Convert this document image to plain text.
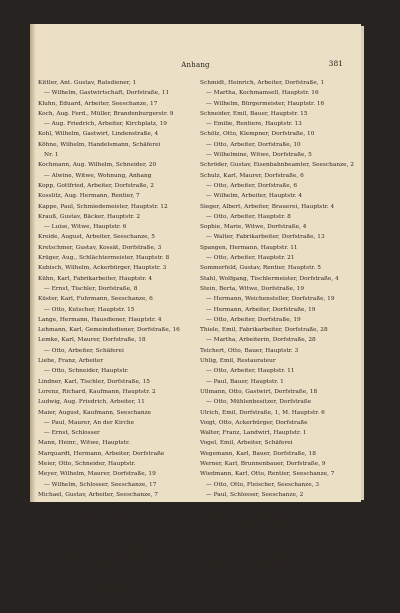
Anhang	381
Kittler, Ant. Gustav, Ratsdiener, 1
— Wilhelm, Gastwirtschaft, Dorfstraße, 11
Kluhn, Eduard, Arbeiter, Seeschanze, 17
Koch, Aug. Ferd., Müller, Brandenburgerstr. 9
— Aug. Friedrich, Arbeiter, Kirchplatz, 19
Kohl, Wilhelm, Gastwirt, Lindenstraße, 4
Köhne, Wilhelm, Handelsmann, Schäferei
Nr. 1
Kochmann, Aug. Wilhelm, Schneider, 20
— Alwine, Witwe, Wohnung, Anhang
Kopp, Gottfried, Arbeiter, Dorfstraße, 2
Kosslitz, Aug. Hermann, Rentier, 7
Kappe, Paul, Schmiedemeister, Hauptstr. 12
Krauß, Gustav, Bäcker, Hauptstr. 2
— Luise, Witwe, Hauptstr. 6
Kreide, August, Arbeiter, Seeschanze, 5
Kretschmer, Gustav, Kossät, Dorfstraße, 3
Krüger, Aug., Schlächtermeister, Hauptstr. 8
Kubisch, Wilhelm, Ackerbürger, Hauptstr. 3
Kühn, Karl, Fabrikarbeiter, Hauptstr. 4
— Ernst, Tischler, Dorfstraße, 8
Küster, Karl, Fuhrmann, Seeschanze, 6
— Otto, Kutscher, Hauptstr. 15
Lange, Hermann, Hausdiener, Hauptstr. 4
Lehmann, Karl, Gemeindediener, Dorfstraße, 16
Lemke, Karl, Maurer, Dorfstraße, 18
— Otto, Arbeiter, Schäferei
Liebe, Franz, Arbeiter
— Otto, Schneider, Hauptstr.
Lindner, Karl, Tischler, Dorfstraße, 15
Lorenz, Richard, Kaufmann, Hauptstr. 2
Ludwig, Aug. Friedrich, Arbeiter, 11
Maier, August, Kaufmann, Seeschanze
— Paul, Maurer, An der Kirche
— Ernst, Schlosser
Mann, Heinr., Witwe, Hauptstr.
Marquardt, Hermann, Arbeiter, Dorfstraße
Meier, Otto, Schneider, Hauptstr.
Meyer, Wilhelm, Maurer, Dorfstraße, 19
— Wilhelm, Schlosser, Seeschanze, 17
Michael, Gustav, Arbeiter, Seeschanze, 7
Möller, Franz, Brauer, Dorfstraße, 1
— Karl, Stellmacher, Hauptstr. 1
Müller, Otto, Bäckermeister, Dorfstraße, 20
Neumann, Emil, Arbeiter, Seeschanze, 15
Nickel, Ernst, Kutscher, Seeschanze, 4
Nitsche, Ernst, Arbeiter, Hauptstr. 8
Nowak, Otto, Restaurateur, Hauptstr. 18
— Otto, Maurer, Hauptstr. 8
Schulze, Gust. Hermann, Rentier, 1
— Hermann, Arbeiter, Seeschanze, 21
— Wilhelm, Obstpächter i. R., Hauptstr. 2
Schmidt, Heinrich, Arbeiter, Dorfstraße, 1
— Martha, Kochmamsell, Hauptstr. 16
— Wilhelm, Bürgermeister, Hauptstr. 16
Schneider, Emil, Bauer, Hauptstr. 15
— Emilie, Rentiere, Hauptstr. 13
Schölz, Otto, Klempner, Dorfstraße, 10
— Otto, Arbeiter, Dorfstraße, 10
— Wilhelmine, Witwe, Dorfstraße, 5
Schröder, Gustav, Eisenbahnbeamter, Seeschanze, 2
Schulz, Karl, Maurer, Dorfstraße, 6
— Otto, Arbeiter, Dorfstraße, 6
— Wilhelm, Arbeiter, Hauptstr. 4
Sieger, Albert, Arbeiter, Brauerei, Hauptstr. 4
— Otto, Arbeiter, Hauptstr. 8
Sophie, Marie, Witwe, Dorfstraße, 4
— Walter, Fabrikarbeiter, Dorfstraße, 13
Spangen, Hermann, Hauptstr. 11
— Otto, Arbeiter, Hauptstr. 21
Sommerfeld, Gustav, Rentier, Hauptstr. 5
Stahl, Wolfgang, Tischlermeister, Dorfstraße, 4
Stein, Berta, Witwe, Dorfstraße, 19
— Hermann, Weichensteller, Dorfstraße, 19
— Hermann, Arbeiter, Dorfstraße, 19
— Otto, Arbeiter, Dorfstraße, 19
Thiele, Emil, Fabrikarbeiter, Dorfstraße, 28
— Martha, Arbeiterin, Dorfstraße, 28
Teichert, Otto, Bauer, Hauptstr. 3
Uhlig, Emil, Restaurateur
— Otto, Arbeiter, Hauptstr. 11
— Paul, Bauer, Hauptstr. 1
Ullmann, Otto, Gastwirt, Dorfstraße, 18
— Otto, Mühlenbesitzer, Dorfstraße
Ulrich, Emil, Dorfstraße, 1, M. Hauptstr. 6
Voigt, Otto, Ackerbürger, Dorfstraße
Walter, Franz, Landwirt, Hauptstr. 1
Vogel, Emil, Arbeiter, Schäferei
Wegemann, Karl, Bauer, Dorfstraße, 18
Werner, Karl, Brunnenbauer, Dorfstraße, 9
Wiedmann, Karl, Otto, Rentier, Seeschanze, 7
— Otto, Otto, Fleischer, Seeschanze, 3
— Paul, Schlosser, Seeschanze, 2
— Otto, Schneider, Hauptstr. 9
Winkler, Karl, Arbeiter, Dorfstraße, 14
— Otto, Arbeiter, Auf dem Berge, Hauptstr. 20
— Karl, Maurer, Hauptstr. 17
Zilius, Karl, Arbeiter, Seeschanze, 21
— Otto, Maurer, Dorfstraße, 12
Zimmer, Hermann, Bauer, Hauptstr. 28
